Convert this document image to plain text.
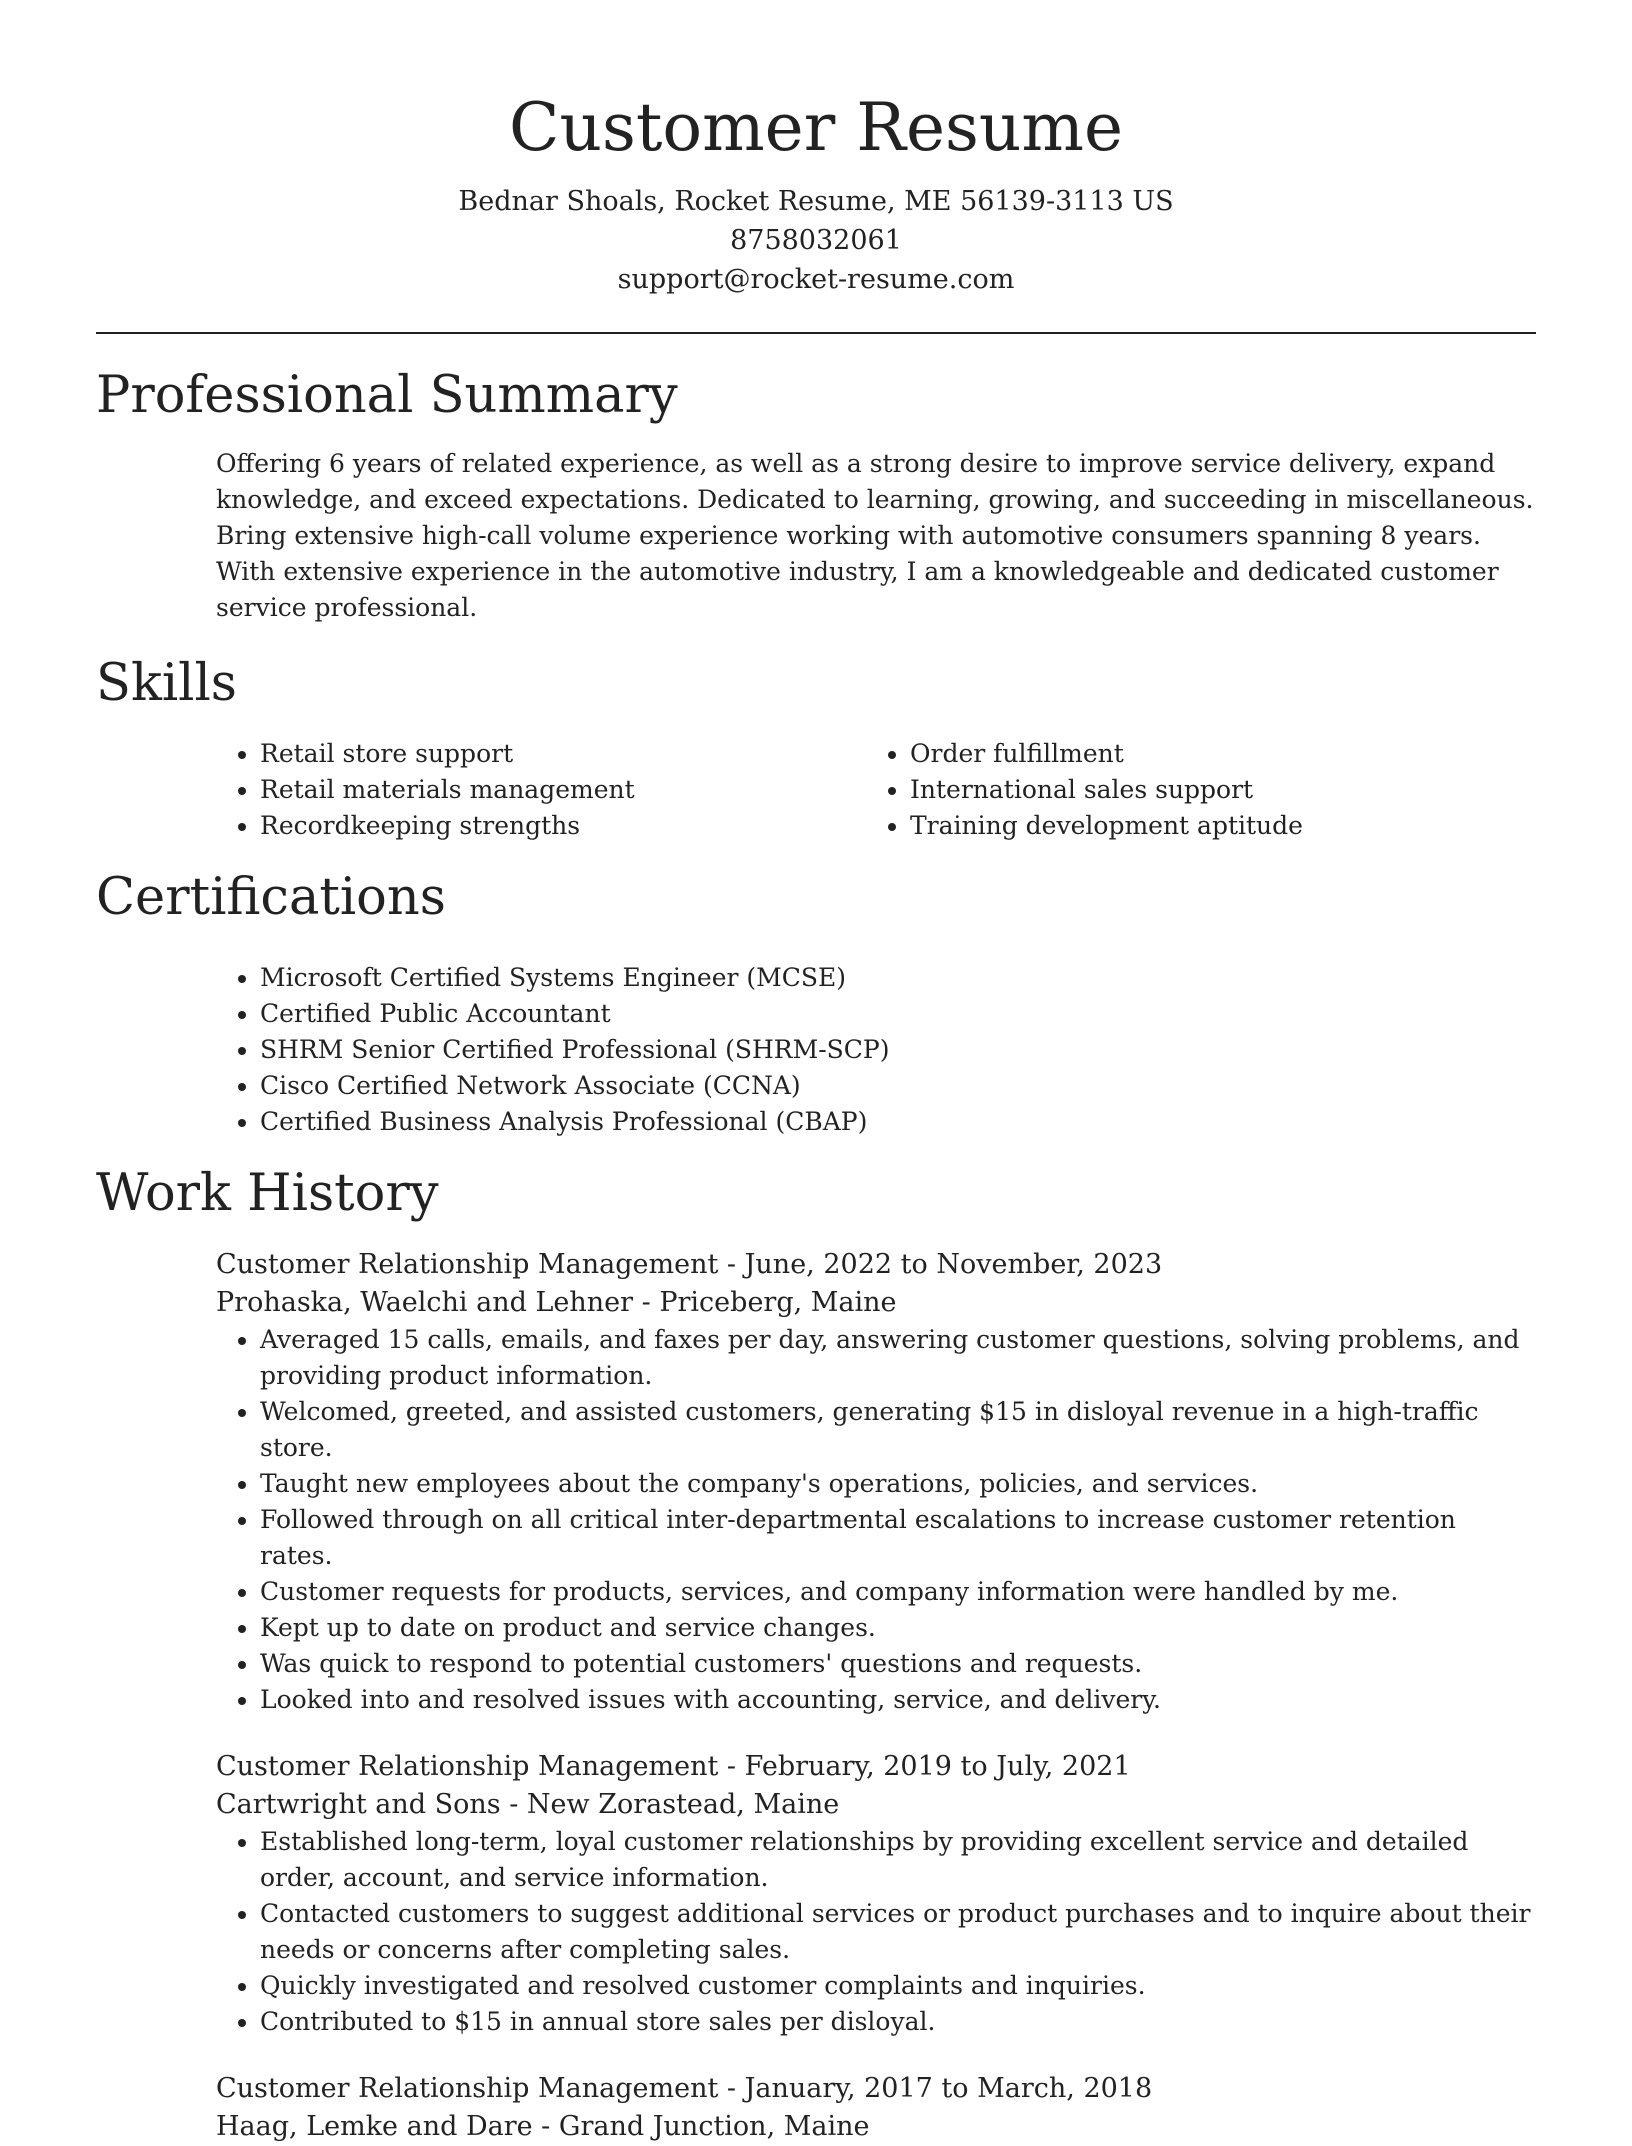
Customer Resume
Bednar Shoals, Rocket Resume, ME 56139-3113 US
8758032061
support@rocket-resume.com
Professional Summary
Offering 6 years of related experience, as well as a strong desire to improve service delivery, expand knowledge, and exceed expectations. Dedicated to learning, growing, and succeeding in miscellaneous. Bring extensive high-call volume experience working with automotive consumers spanning 8 years. With extensive experience in the automotive industry, I am a knowledgeable and dedicated customer service professional.
Skills
• Retail store support
• Retail materials management
• Recordkeeping strengths
• Order fulfillment
• International sales support
• Training development aptitude
Certifications
• Microsoft Certified Systems Engineer (MCSE)
• Certified Public Accountant
• SHRM Senior Certified Professional (SHRM-SCP)
• Cisco Certified Network Associate (CCNA)
• Certified Business Analysis Professional (CBAP)
Work History
Customer Relationship Management - June, 2022 to November, 2023
Prohaska, Waelchi and Lehner - Priceberg, Maine
• Averaged 15 calls, emails, and faxes per day, answering customer questions, solving problems, and providing product information.
• Welcomed, greeted, and assisted customers, generating $15 in disloyal revenue in a high-traffic store.
• Taught new employees about the company's operations, policies, and services.
• Followed through on all critical inter-departmental escalations to increase customer retention rates.
• Customer requests for products, services, and company information were handled by me.
• Kept up to date on product and service changes.
• Was quick to respond to potential customers' questions and requests.
• Looked into and resolved issues with accounting, service, and delivery.
Customer Relationship Management - February, 2019 to July, 2021
Cartwright and Sons - New Zorastead, Maine
• Established long-term, loyal customer relationships by providing excellent service and detailed order, account, and service information.
• Contacted customers to suggest additional services or product purchases and to inquire about their needs or concerns after completing sales.
• Quickly investigated and resolved customer complaints and inquiries.
• Contributed to $15 in annual store sales per disloyal.
Customer Relationship Management - January, 2017 to March, 2018
Haag, Lemke and Dare - Grand Junction, Maine
